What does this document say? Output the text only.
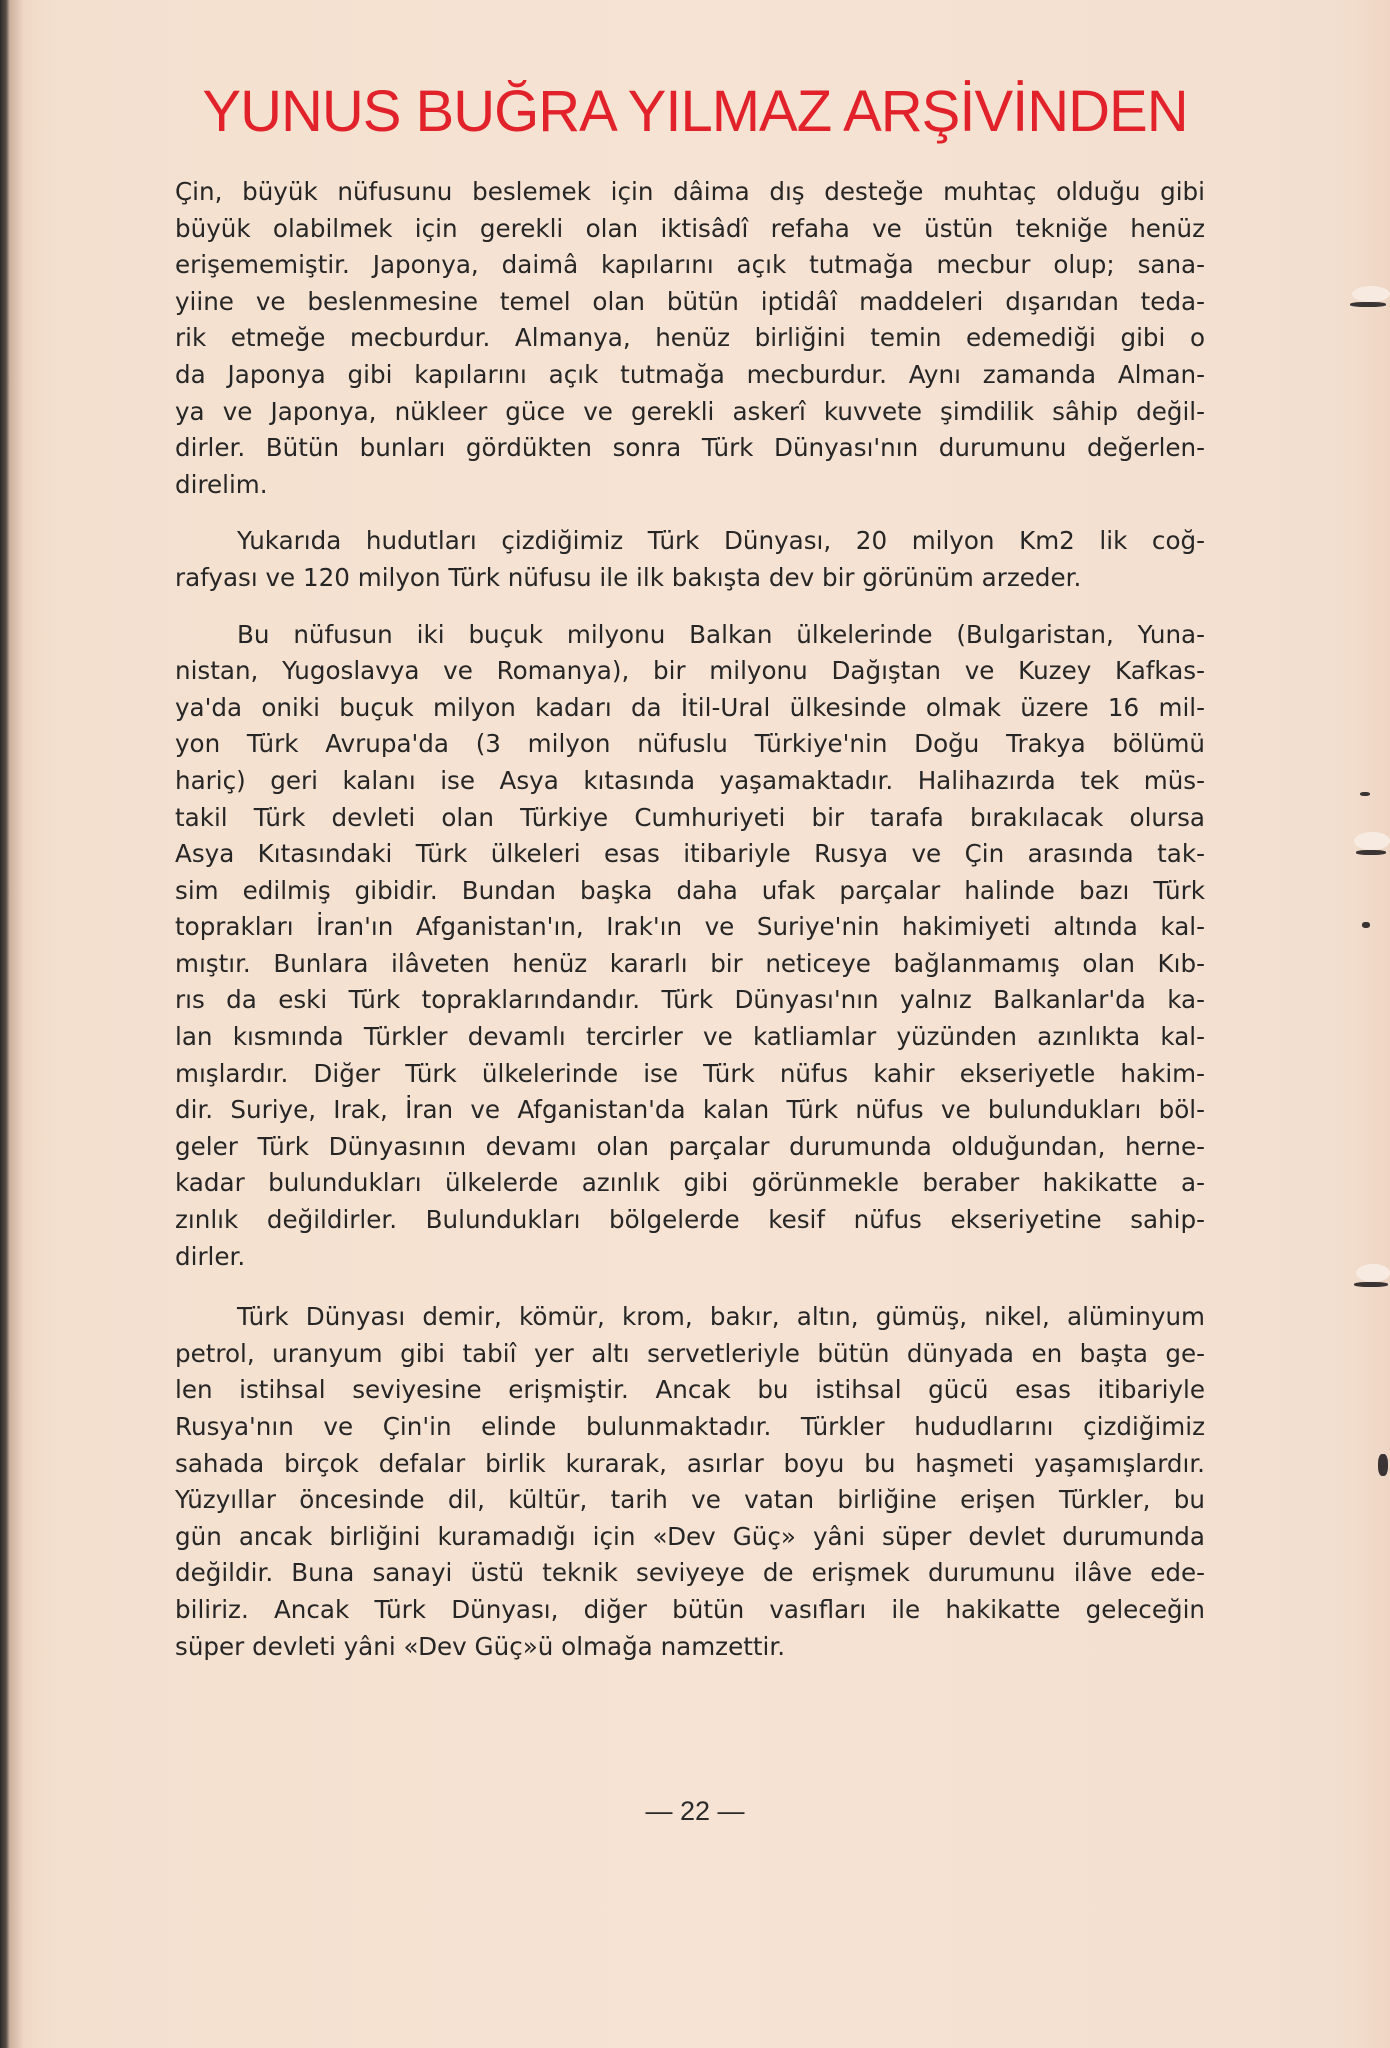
YUNUS BUĞRA YILMAZ ARŞİVİNDEN

Çin, büyük nüfusunu beslemek için dâima dış desteğe muhtaç olduğu gibi
büyük olabilmek için gerekli olan iktisâdî refaha ve üstün tekniğe henüz
erişememiştir. Japonya, daimâ kapılarını açık tutmağa mecbur olup; sana-
yiine ve beslenmesine temel olan bütün iptidâî maddeleri dışarıdan teda-
rik etmeğe mecburdur. Almanya, henüz birliğini temin edemediği gibi o
da Japonya gibi kapılarını açık tutmağa mecburdur. Aynı zamanda Alman-
ya ve Japonya, nükleer güce ve gerekli askerî kuvvete şimdilik sâhip değil-
dirler. Bütün bunları gördükten sonra Türk Dünyası'nın durumunu değerlen-
direlim.

Yukarıda hudutları çizdiğimiz Türk Dünyası, 20 milyon Km2 lik coğ-
rafyası ve 120 milyon Türk nüfusu ile ilk bakışta dev bir görünüm arzeder.

Bu nüfusun iki buçuk milyonu Balkan ülkelerinde (Bulgaristan, Yuna-
nistan, Yugoslavya ve Romanya), bir milyonu Dağıştan ve Kuzey Kafkas-
ya'da oniki buçuk milyon kadarı da İtil-Ural ülkesinde olmak üzere 16 mil-
yon Türk Avrupa'da (3 milyon nüfuslu Türkiye'nin Doğu Trakya bölümü
hariç) geri kalanı ise Asya kıtasında yaşamaktadır. Halihazırda tek müs-
takil Türk devleti olan Türkiye Cumhuriyeti bir tarafa bırakılacak olursa
Asya Kıtasındaki Türk ülkeleri esas itibariyle Rusya ve Çin arasında tak-
sim edilmiş gibidir. Bundan başka daha ufak parçalar halinde bazı Türk
toprakları İran'ın Afganistan'ın, Irak'ın ve Suriye'nin hakimiyeti altında kal-
mıştır. Bunlara ilâveten henüz kararlı bir neticeye bağlanmamış olan Kıb-
rıs da eski Türk topraklarındandır. Türk Dünyası'nın yalnız Balkanlar'da ka-
lan kısmında Türkler devamlı tercirler ve katliamlar yüzünden azınlıkta kal-
mışlardır. Diğer Türk ülkelerinde ise Türk nüfus kahir ekseriyetle hakim-
dir. Suriye, Irak, İran ve Afganistan'da kalan Türk nüfus ve bulundukları böl-
geler Türk Dünyasının devamı olan parçalar durumunda olduğundan, herne-
kadar bulundukları ülkelerde azınlık gibi görünmekle beraber hakikatte a-
zınlık değildirler. Bulundukları bölgelerde kesif nüfus ekseriyetine sahip-
dirler.

Türk Dünyası demir, kömür, krom, bakır, altın, gümüş, nikel, alüminyum
petrol, uranyum gibi tabiî yer altı servetleriyle bütün dünyada en başta ge-
len istihsal seviyesine erişmiştir. Ancak bu istihsal gücü esas itibariyle
Rusya'nın ve Çin'in elinde bulunmaktadır. Türkler hududlarını çizdiğimiz
sahada birçok defalar birlik kurarak, asırlar boyu bu haşmeti yaşamışlardır.
Yüzyıllar öncesinde dil, kültür, tarih ve vatan birliğine erişen Türkler, bu
gün ancak birliğini kuramadığı için «Dev Güç» yâni süper devlet durumunda
değildir. Buna sanayi üstü teknik seviyeye de erişmek durumunu ilâve ede-
biliriz. Ancak Türk Dünyası, diğer bütün vasıfları ile hakikatte geleceğin
süper devleti yâni «Dev Güç»ü olmağa namzettir.

— 22 —
